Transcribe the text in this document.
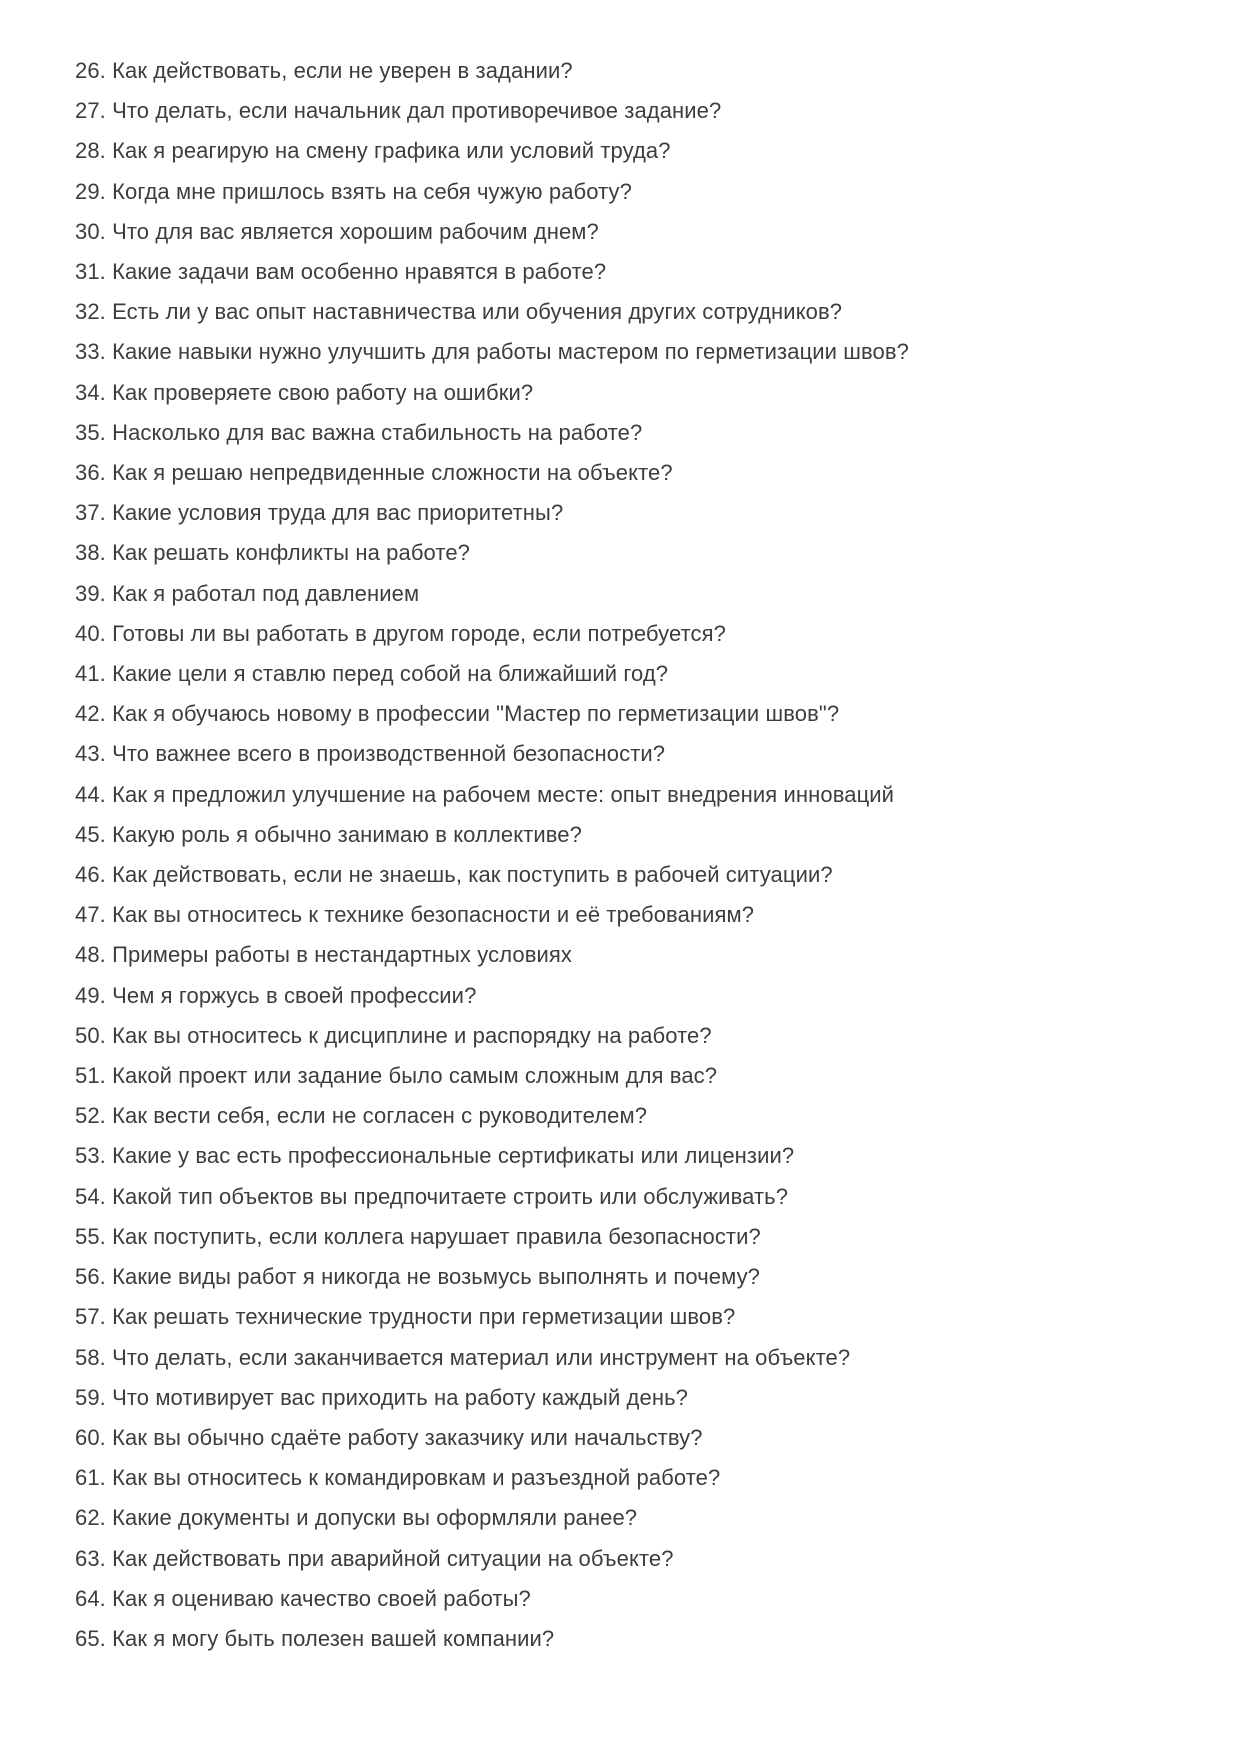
26. Как действовать, если не уверен в задании?
27. Что делать, если начальник дал противоречивое задание?
28. Как я реагирую на смену графика или условий труда?
29. Когда мне пришлось взять на себя чужую работу?
30. Что для вас является хорошим рабочим днем?
31. Какие задачи вам особенно нравятся в работе?
32. Есть ли у вас опыт наставничества или обучения других сотрудников?
33. Какие навыки нужно улучшить для работы мастером по герметизации швов?
34. Как проверяете свою работу на ошибки?
35. Насколько для вас важна стабильность на работе?
36. Как я решаю непредвиденные сложности на объекте?
37. Какие условия труда для вас приоритетны?
38. Как решать конфликты на работе?
39. Как я работал под давлением
40. Готовы ли вы работать в другом городе, если потребуется?
41. Какие цели я ставлю перед собой на ближайший год?
42. Как я обучаюсь новому в профессии "Мастер по герметизации швов"?
43. Что важнее всего в производственной безопасности?
44. Как я предложил улучшение на рабочем месте: опыт внедрения инноваций
45. Какую роль я обычно занимаю в коллективе?
46. Как действовать, если не знаешь, как поступить в рабочей ситуации?
47. Как вы относитесь к технике безопасности и её требованиям?
48. Примеры работы в нестандартных условиях
49. Чем я горжусь в своей профессии?
50. Как вы относитесь к дисциплине и распорядку на работе?
51. Какой проект или задание было самым сложным для вас?
52. Как вести себя, если не согласен с руководителем?
53. Какие у вас есть профессиональные сертификаты или лицензии?
54. Какой тип объектов вы предпочитаете строить или обслуживать?
55. Как поступить, если коллега нарушает правила безопасности?
56. Какие виды работ я никогда не возьмусь выполнять и почему?
57. Как решать технические трудности при герметизации швов?
58. Что делать, если заканчивается материал или инструмент на объекте?
59. Что мотивирует вас приходить на работу каждый день?
60. Как вы обычно сдаёте работу заказчику или начальству?
61. Как вы относитесь к командировкам и разъездной работе?
62. Какие документы и допуски вы оформляли ранее?
63. Как действовать при аварийной ситуации на объекте?
64. Как я оцениваю качество своей работы?
65. Как я могу быть полезен вашей компании?
